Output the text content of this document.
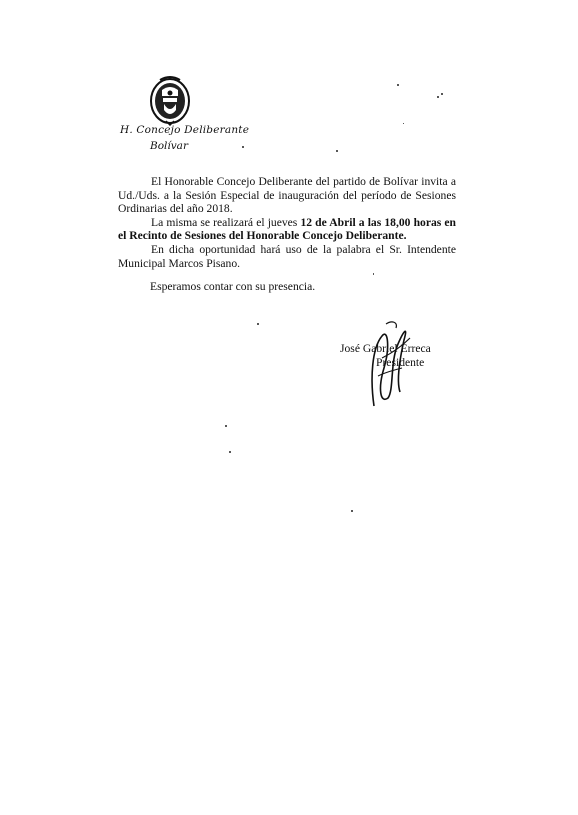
H. Concejo Deliberante
Bolívar

El Honorable Concejo Deliberante del partido de Bolívar invita a Ud./Uds. a la Sesión Especial de inauguración del período de Sesiones Ordinarias del año 2018.

La misma se realizará el jueves 12 de Abril a las 18,00 horas en el Recinto de Sesiones del Honorable Concejo Deliberante.

En dicha oportunidad hará uso de la palabra el Sr. Intendente Municipal Marcos Pisano.

Esperamos contar con su presencia.
José Gabriel Erreca
Presidente
